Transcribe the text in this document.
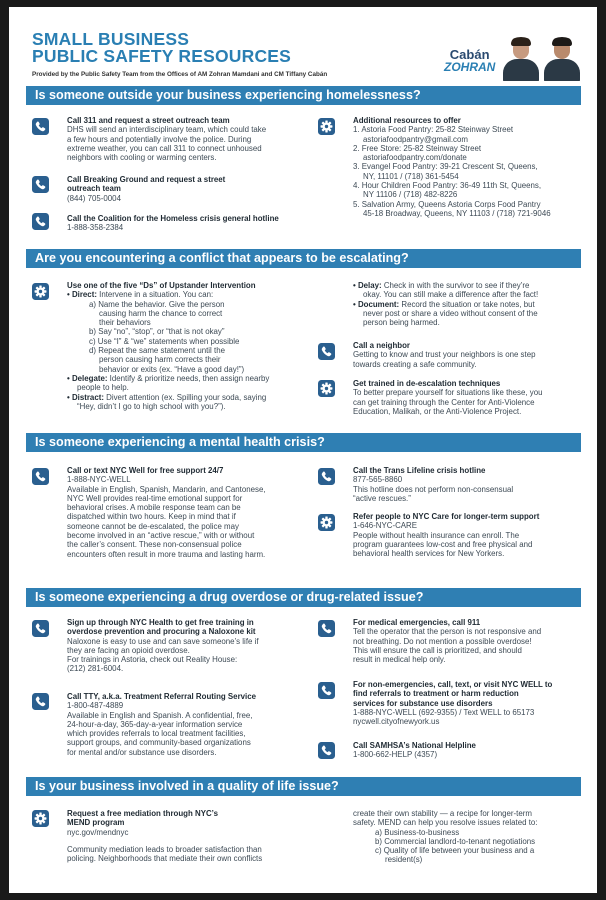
SMALL BUSINESS
PUBLIC SAFETY RESOURCES
Provided by the Public Safety Team from the Offices of AM Zohran Mamdani and CM Tiffany Cabán
Cabán
ZOHRAN
Is someone outside your business experiencing homelessness?
Call 311 and request a street outreach team
DHS will send an interdisciplinary team, which could take
a few hours and potentially involve the police. During
extreme weather, you can call 311 to connect unhoused
neighbors with cooling or warming centers.
Call Breaking Ground and request a street
outreach team
(844) 705-0004
Call the Coalition for the Homeless crisis general hotline
1-888-358-2384
Additional resources to offer
1. Astoria Food Pantry: 25-82 Steinway Street
astoriafoodpantry@gmail.com
2. Free Store: 25-82 Steinway Street
astoriafoodpantry.com/donate
3. Evangel Food Pantry: 39-21 Crescent St, Queens,
NY, 11101 / (718) 361-5454
4. Hour Children Food Pantry: 36-49 11th St, Queens,
NY 11106 / (718) 482-8226
5. Salvation Army, Queens Astoria Corps Food Pantry
45-18 Broadway, Queens, NY 11103 / (718) 721-9046
Are you encountering a conflict that appears to be escalating?
Use one of the five “Ds” of Upstander Intervention
• Direct: Intervene in a situation. You can:
a) Name the behavior. Give the person
causing harm the chance to correct
their behaviors
b) Say “no”, “stop”, or “that is not okay”
c) Use “I” & “we” statements when possible
d) Repeat the same statement until the
person causing harm corrects their
behavior or exits (ex. “Have a good day!”)
• Delegate: Identify & prioritize needs, then assign nearby
people to help.
• Distract: Divert attention (ex. Spilling your soda, saying
“Hey, didn’t I go to high school with you?”).
• Delay: Check in with the survivor to see if they’re
okay. You can still make a difference after the fact!
• Document: Record the situation or take notes, but
never post or share a video without consent of the
person being harmed.
Call a neighbor
Getting to know and trust your neighbors is one step
towards creating a safe community.
Get trained in de-escalation techniques
To better prepare yourself for situations like these, you
can get training through the Center for Anti-Violence
Education, Malikah, or the Anti-Violence Project.
Is someone experiencing a mental health crisis?
Call or text NYC Well for free support 24/7
1-888-NYC-WELL
Available in English, Spanish, Mandarin, and Cantonese,
NYC Well provides real-time emotional support for
behavioral crises. A mobile response team can be
dispatched within two hours. Keep in mind that if
someone cannot be de-escalated, the police may
become involved in an “active rescue,” with or without
the caller’s consent. These non-consensual police
encounters often result in more trauma and lasting harm.
Call the Trans Lifeline crisis hotline
877-565-8860
This hotline does not perform non-consensual
“active rescues.”
Refer people to NYC Care for longer-term support
1-646-NYC-CARE
People without health insurance can enroll. The
program guarantees low-cost and free physical and
behavioral health services for New Yorkers.
Is someone experiencing a drug overdose or drug-related issue?
Sign up through NYC Health to get free training in
overdose prevention and procuring a Naloxone kit
Naloxone is easy to use and can save someone’s life if
they are facing an opioid overdose.
For trainings in Astoria, check out Reality House:
(212) 281-6004.
Call TTY, a.k.a. Treatment Referral Routing Service
1-800-487-4889
Available in English and Spanish. A confidential, free,
24-hour-a-day, 365-day-a-year information service
which provides referrals to local treatment facilities,
support groups, and community-based organizations
for mental and/or substance use disorders.
For medical emergencies, call 911
Tell the operator that the person is not responsive and
not breathing. Do not mention a possible overdose!
This will ensure the call is prioritized, and should
result in medical help only.
For non-emergencies, call, text, or visit NYC WELL to
find referrals to treatment or harm reduction
services for substance use disorders
1-888-NYC-WELL (692-9355) / Text WELL to 65173
nycwell.cityofnewyork.us
Call SAMHSA’s National Helpline
1-800-662-HELP (4357)
Is your business involved in a quality of life issue?
Request a free mediation through NYC’s
MEND program
nyc.gov/mendnyc
Community mediation leads to broader satisfaction than
policing. Neighborhoods that mediate their own conflicts
create their own stability — a recipe for longer-term
safety. MEND can help you resolve issues related to:
a) Business-to-business
b) Commercial landlord-to-tenant negotiations
c) Quality of life between your business and a
resident(s)
